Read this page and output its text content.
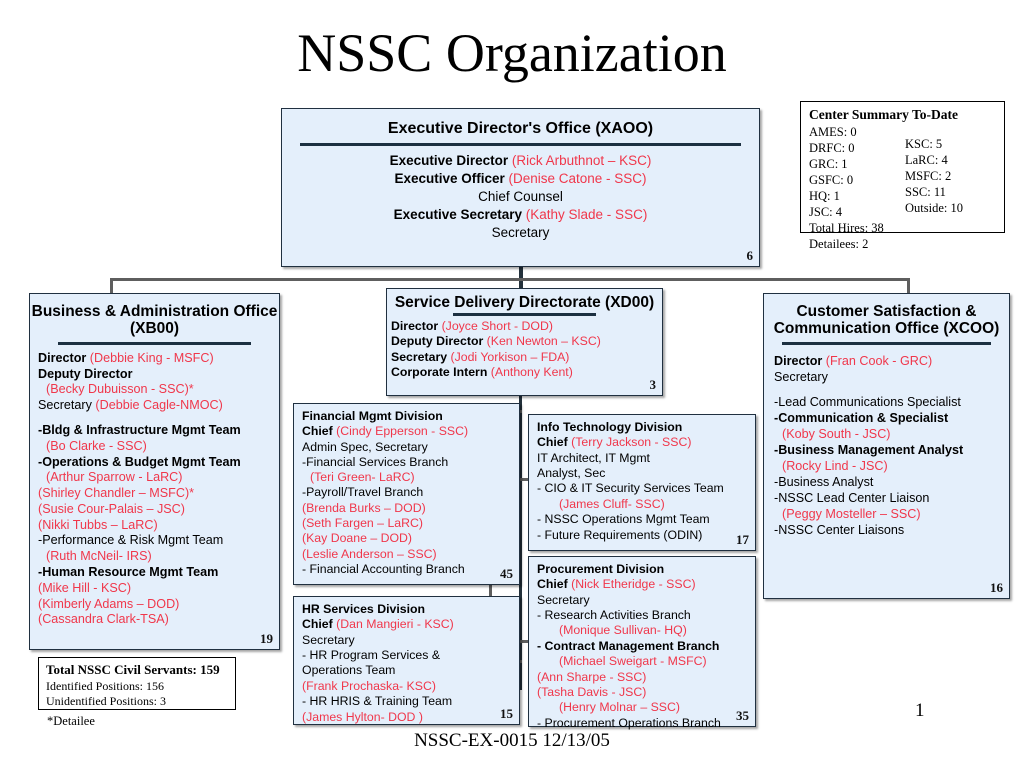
NSSC Organization
Executive Director's Office (XAOO)
Executive Director (Rick Arbuthnot – KSC)
Executive Officer (Denise Catone - SSC)
Chief Counsel
Executive Secretary (Kathy Slade - SSC)
Secretary
6
Center Summary To-Date
AMES: 0
DRFC: 0
GRC: 1
GSFC: 0
HQ: 1
JSC: 4
Total Hires: 38
Detailees: 2
KSC: 5
LaRC: 4
MSFC: 2
SSC: 11
Outside: 10
Business & Administration Office (XB00)
Director (Debbie King - MSFC)
Deputy Director
(Becky Dubuisson - SSC)*
Secretary (Debbie Cagle-NMOC)
-Bldg & Infrastructure Mgmt Team
(Bo Clarke - SSC)
-Operations & Budget Mgmt Team
(Arthur Sparrow - LaRC)
(Shirley Chandler – MSFC)*
(Susie Cour-Palais – JSC)
(Nikki Tubbs – LaRC)
-Performance & Risk Mgmt Team
(Ruth McNeil- IRS)
-Human Resource Mgmt Team
(Mike Hill - KSC)
(Kimberly Adams – DOD)
(Cassandra Clark-TSA)
19
Service Delivery Directorate (XD00)
Director (Joyce Short - DOD)
Deputy Director (Ken Newton – KSC)
Secretary (Jodi Yorkison – FDA)
Corporate Intern (Anthony Kent)
3
Customer Satisfaction & Communication Office (XCOO)
Director (Fran Cook - GRC)
Secretary
-Lead Communications Specialist
-Communication & Specialist
(Koby South - JSC)
-Business Management Analyst
(Rocky Lind - JSC)
-Business Analyst
-NSSC Lead Center Liaison
(Peggy Mosteller – SSC)
-NSSC Center Liaisons
16
Financial Mgmt Division
Chief (Cindy Epperson - SSC)
Admin Spec, Secretary
-Financial Services Branch
(Teri Green- LaRC)
-Payroll/Travel Branch
(Brenda Burks – DOD)
(Seth Fargen – LaRC)
(Kay Doane – DOD)
(Leslie Anderson – SSC)
- Financial Accounting Branch	45
HR Services Division
Chief (Dan Mangieri - KSC)
Secretary
- HR Program Services &
Operations Team
(Frank Prochaska- KSC)
- HR HRIS & Training Team
(James Hylton- DOD )	15
Info Technology Division
Chief (Terry Jackson - SSC)
IT Architect, IT Mgmt
Analyst, Sec
- CIO & IT Security Services Team
(James Cluff- SSC)
- NSSC Operations Mgmt Team
- Future Requirements (ODIN)	17
Procurement Division
Chief (Nick Etheridge - SSC)
Secretary
- Research Activities Branch
(Monique Sullivan- HQ)
- Contract Management Branch
(Michael Sweigart - MSFC)
(Ann Sharpe - SSC)
(Tasha Davis - JSC)
(Henry Molnar – SSC)
- Procurement Operations Branch	35
Total NSSC Civil Servants: 159
Identified Positions: 156
Unidentified Positions: 3
*Detailee
NSSC-EX-0015 12/13/05
1
